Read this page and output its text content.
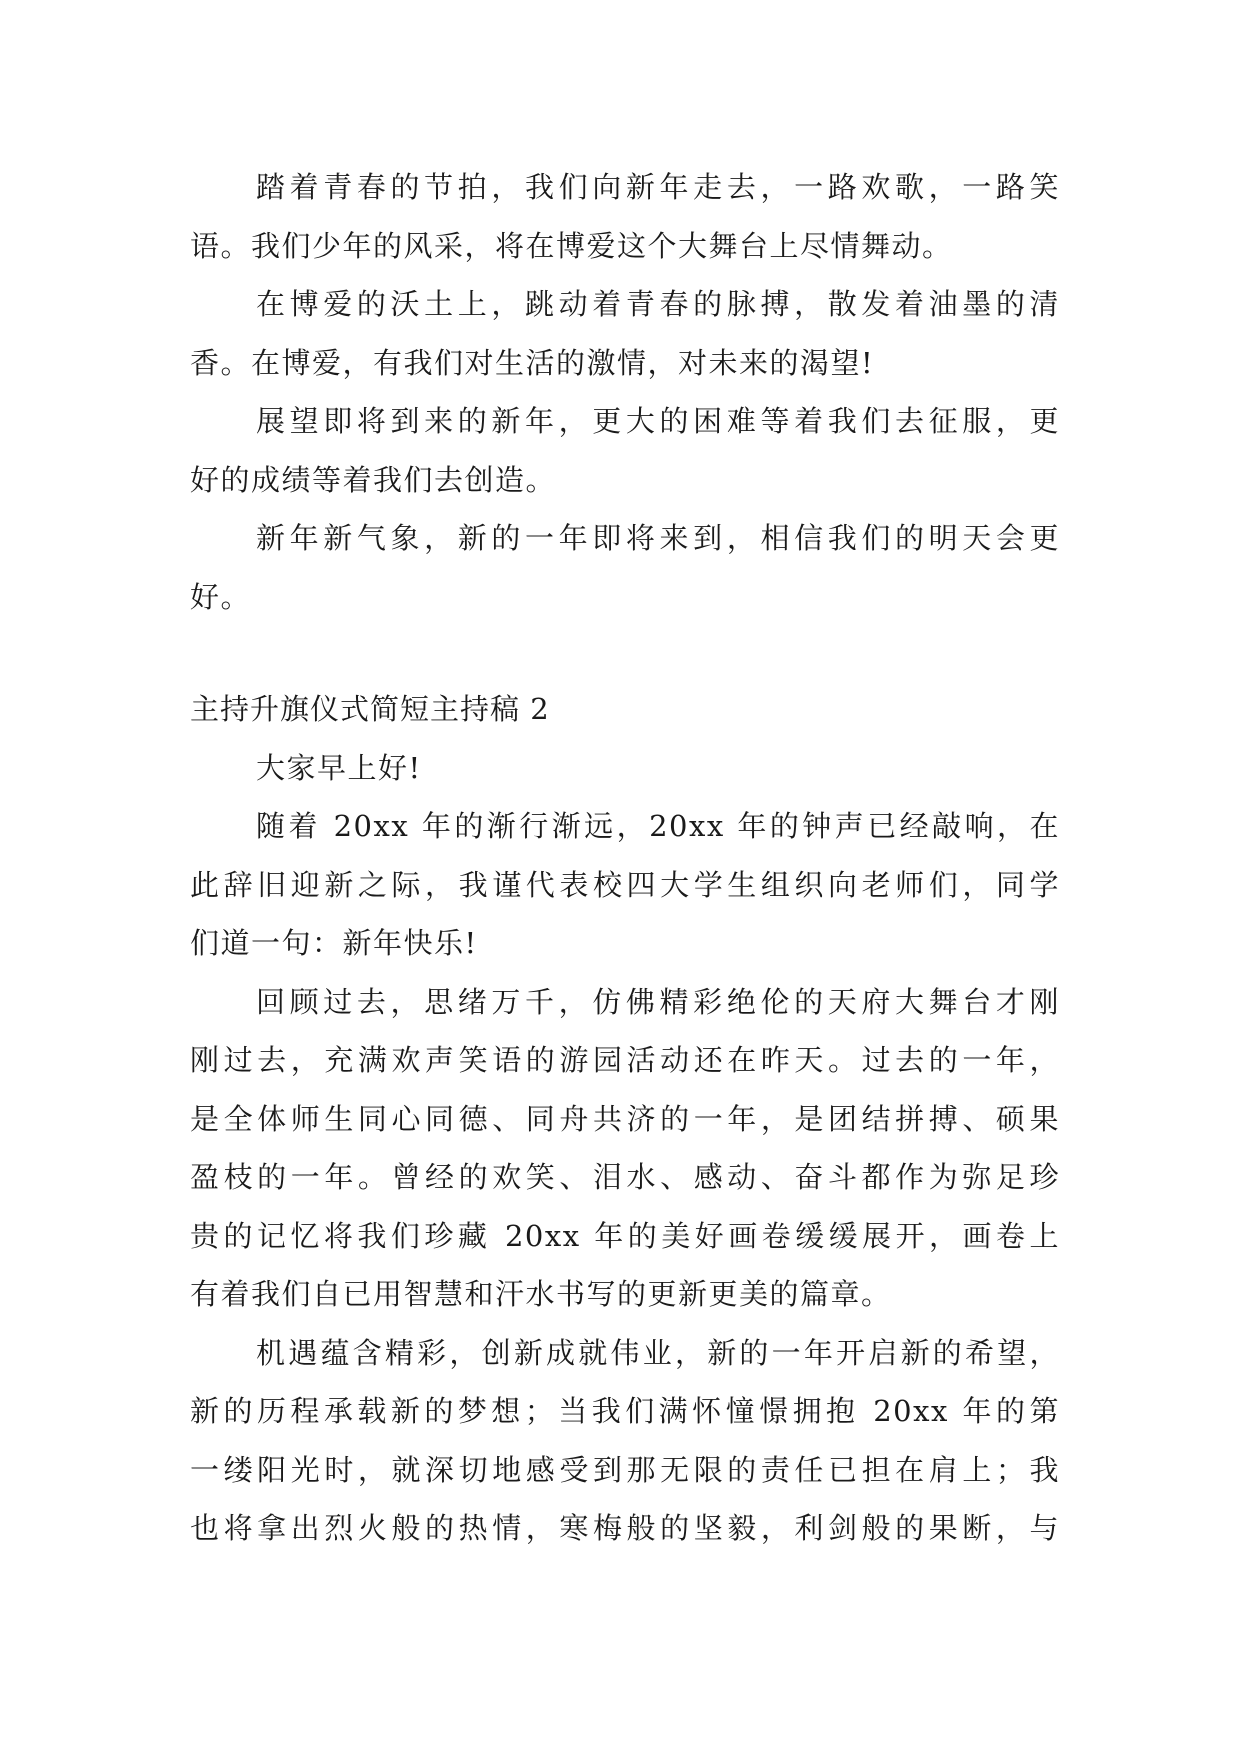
踏着青春的节拍，我们向新年走去，一路欢歌，一路笑
语。我们少年的风采，将在博爱这个大舞台上尽情舞动。
在博爱的沃土上，跳动着青春的脉搏，散发着油墨的清
香。在博爱，有我们对生活的激情，对未来的渴望!
展望即将到来的新年，更大的困难等着我们去征服，更
好的成绩等着我们去创造。
新年新气象，新的一年即将来到，相信我们的明天会更
好。
主持升旗仪式简短主持稿 2
大家早上好!
随着 20xx 年的渐行渐远，20xx 年的钟声已经敲响，在
此辞旧迎新之际，我谨代表校四大学生组织向老师们，同学
们道一句：新年快乐!
回顾过去，思绪万千，仿佛精彩绝伦的天府大舞台才刚
刚过去，充满欢声笑语的游园活动还在昨天。过去的一年，
是全体师生同心同德、同舟共济的一年，是团结拼搏、硕果
盈枝的一年。曾经的欢笑、泪水、感动、奋斗都作为弥足珍
贵的记忆将我们珍藏 20xx 年的美好画卷缓缓展开，画卷上
有着我们自已用智慧和汗水书写的更新更美的篇章。
机遇蕴含精彩，创新成就伟业，新的一年开启新的希望，
新的历程承载新的梦想；当我们满怀憧憬拥抱 20xx 年的第
一缕阳光时，就深切地感受到那无限的责任已担在肩上；我
也将拿出烈火般的热情，寒梅般的坚毅，利剑般的果断，与
